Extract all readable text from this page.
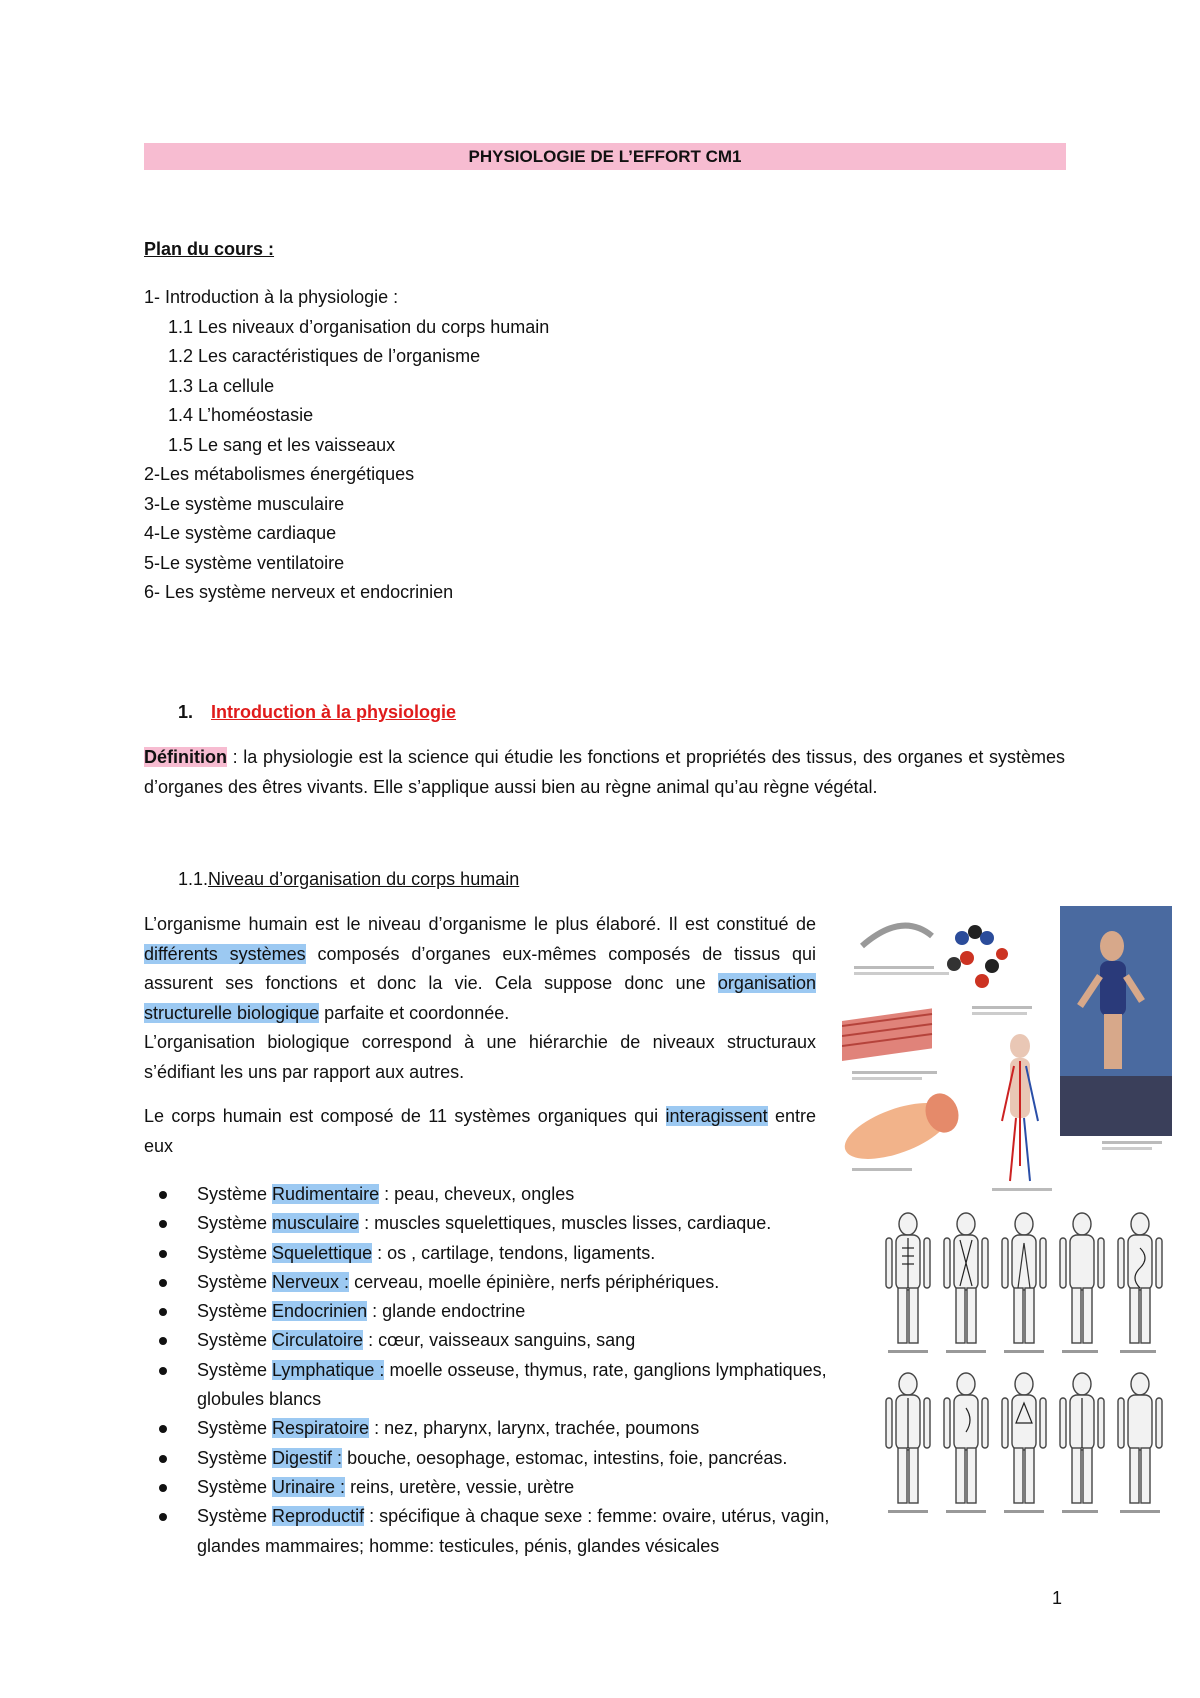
PHYSIOLOGIE DE L’EFFORT CM1
Plan du cours :
1- Introduction à la physiologie :
1.1 Les niveaux d’organisation du corps humain
1.2 Les caractéristiques de l’organisme
1.3 La cellule
1.4 L’homéostasie
1.5 Le sang et les vaisseaux
2-Les métabolismes énergétiques
3-Le système musculaire
4-Le système cardiaque
5-Le système ventilatoire
6- Les système nerveux et endocrinien
1. Introduction à la physiologie
Définition : la physiologie est la science qui étudie les fonctions et propriétés des tissus, des organes et systèmes d’organes des êtres vivants. Elle s’applique aussi bien au règne animal qu’au règne végétal.
1.1.Niveau d’organisation du corps humain
L’organisme humain est le niveau d’organisme le plus élaboré. Il est constitué de différents systèmes composés d’organes eux-mêmes composés de tissus qui assurent ses fonctions et donc la vie. Cela suppose donc une organisation structurelle biologique parfaite et coordonnée.
L’organisation biologique correspond à une hiérarchie de niveaux structuraux s’édifiant les uns par rapport aux autres.
Le corps humain est composé de 11 systèmes organiques qui interagissent entre eux
Système Rudimentaire : peau, cheveux, ongles
Système musculaire : muscles squelettiques, muscles lisses, cardiaque.
Système Squelettique : os , cartilage, tendons, ligaments.
Système Nerveux : cerveau, moelle épinière, nerfs périphériques.
Système Endocrinien : glande endoctrine
Système Circulatoire : cœur, vaisseaux sanguins, sang
Système Lymphatique : moelle osseuse, thymus, rate, ganglions lymphatiques, globules blancs
Système Respiratoire : nez, pharynx, larynx, trachée, poumons
Système Digestif : bouche, oesophage, estomac, intestins, foie, pancréas.
Système Urinaire : reins, uretère, vessie, urètre
Système Reproductif : spécifique à chaque sexe : femme: ovaire, utérus, vagin, glandes mammaires; homme: testicules, pénis, glandes vésicales
1
